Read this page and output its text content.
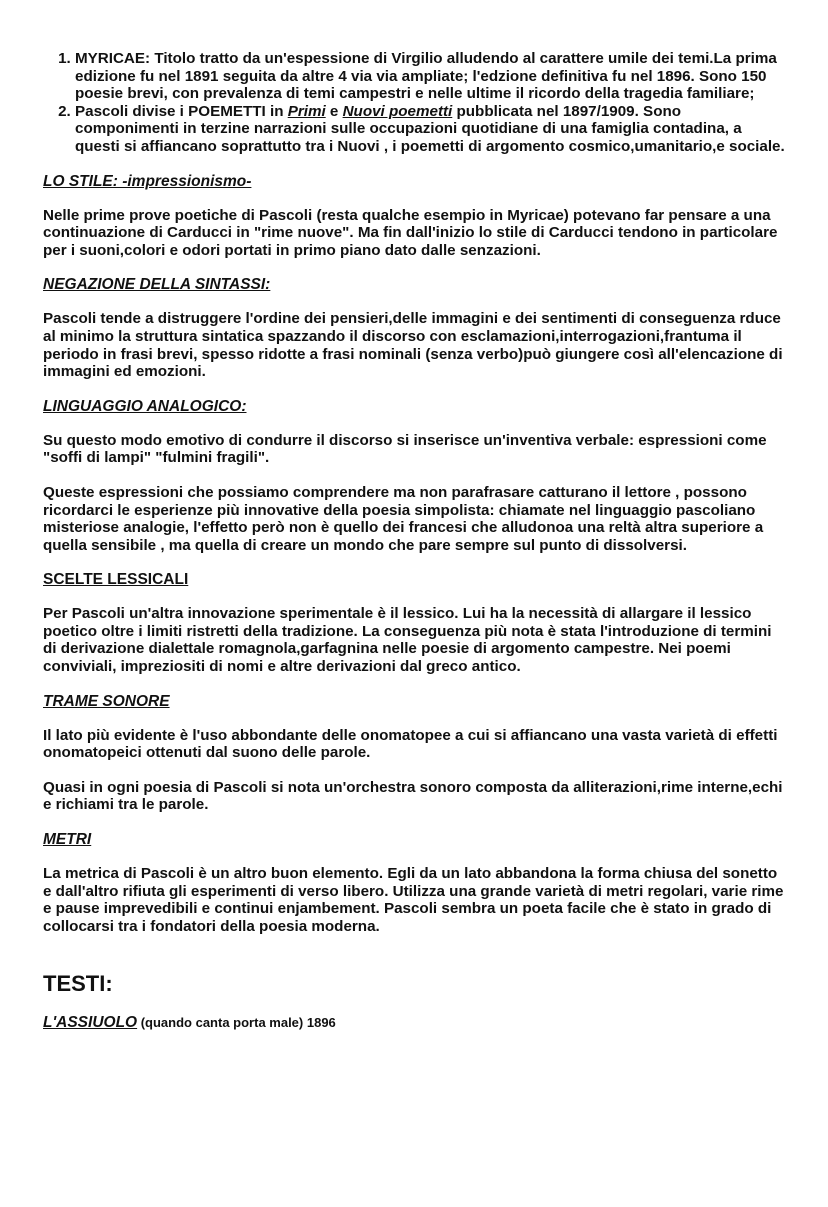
1. MYRICAE: Titolo tratto da un'espessione di Virgilio alludendo al carattere umile dei temi.La prima edizione fu nel 1891 seguita da altre 4 via via ampliate; l'edzione definitiva fu nel 1896. Sono 150 poesie brevi, con prevalenza di temi campestri e nelle ultime il ricordo della tragedia familiare;
2. Pascoli divise i POEMETTI in Primi e Nuovi poemetti pubblicata nel 1897/1909. Sono componimenti in terzine narrazioni sulle occupazioni quotidiane di una famiglia contadina, a questi si affiancano soprattutto tra i Nuovi , i poemetti di argomento cosmico,umanitario,e sociale.
LO STILE: -impressionismo-

Nelle prime prove poetiche di Pascoli (resta qualche esempio in Myricae) potevano far pensare a una continuazione di Carducci in "rime nuove". Ma fin dall'inizio lo stile di Carducci tendono in particolare per i suoni,colori e odori portati in primo piano dato dalle senzazioni.

NEGAZIONE DELLA SINTASSI:

Pascoli tende a distruggere l'ordine dei pensieri,delle immagini e dei sentimenti di conseguenza rduce al minimo la struttura sintatica spazzando il discorso con esclamazioni,interrogazioni,frantuma il periodo in frasi brevi, spesso ridotte a frasi nominali (senza verbo)può giungere così all'elencazione di immagini ed emozioni.

LINGUAGGIO ANALOGICO:

Su questo modo emotivo di condurre il discorso si inserisce un'inventiva verbale: espressioni come "soffi di lampi" "fulmini fragili".

Queste espressioni che possiamo comprendere ma non parafrasare catturano il lettore , possono ricordarci le esperienze più innovative della poesia simpolista: chiamate nel linguaggio pascoliano misteriose analogie, l'effetto però non è quello dei francesi che alludonoa una reltà altra superiore a quella sensibile , ma quella di creare un mondo che pare sempre sul punto di dissolversi.

SCELTE LESSICALI

Per Pascoli un'altra innovazione sperimentale è il lessico. Lui ha la necessità di allargare il lessico poetico oltre i limiti ristretti della tradizione. La conseguenza più nota è stata l'introduzione di termini di derivazione dialettale romagnola,garfagnina nelle poesie di argomento campestre. Nei poemi conviviali, impreziositi di nomi e altre derivazioni dal greco antico.

TRAME SONORE

Il lato più evidente è l'uso abbondante delle onomatopee a cui si affiancano una vasta varietà di effetti onomatopeici ottenuti dal suono delle parole.

Quasi in ogni poesia di Pascoli si nota un'orchestra sonoro composta da alliterazioni,rime interne,echi e richiami tra le parole.

METRI

La metrica di Pascoli è un altro buon elemento. Egli da un lato abbandona la forma chiusa del sonetto e dall'altro rifiuta gli esperimenti di verso libero. Utilizza una grande varietà di metri regolari, varie rime e pause imprevedibili e continui enjambement. Pascoli sembra un poeta facile che è stato in grado di collocarsi tra i fondatori della poesia moderna.

TESTI:
L'ASSIUOLO (quando canta porta male) 1896
